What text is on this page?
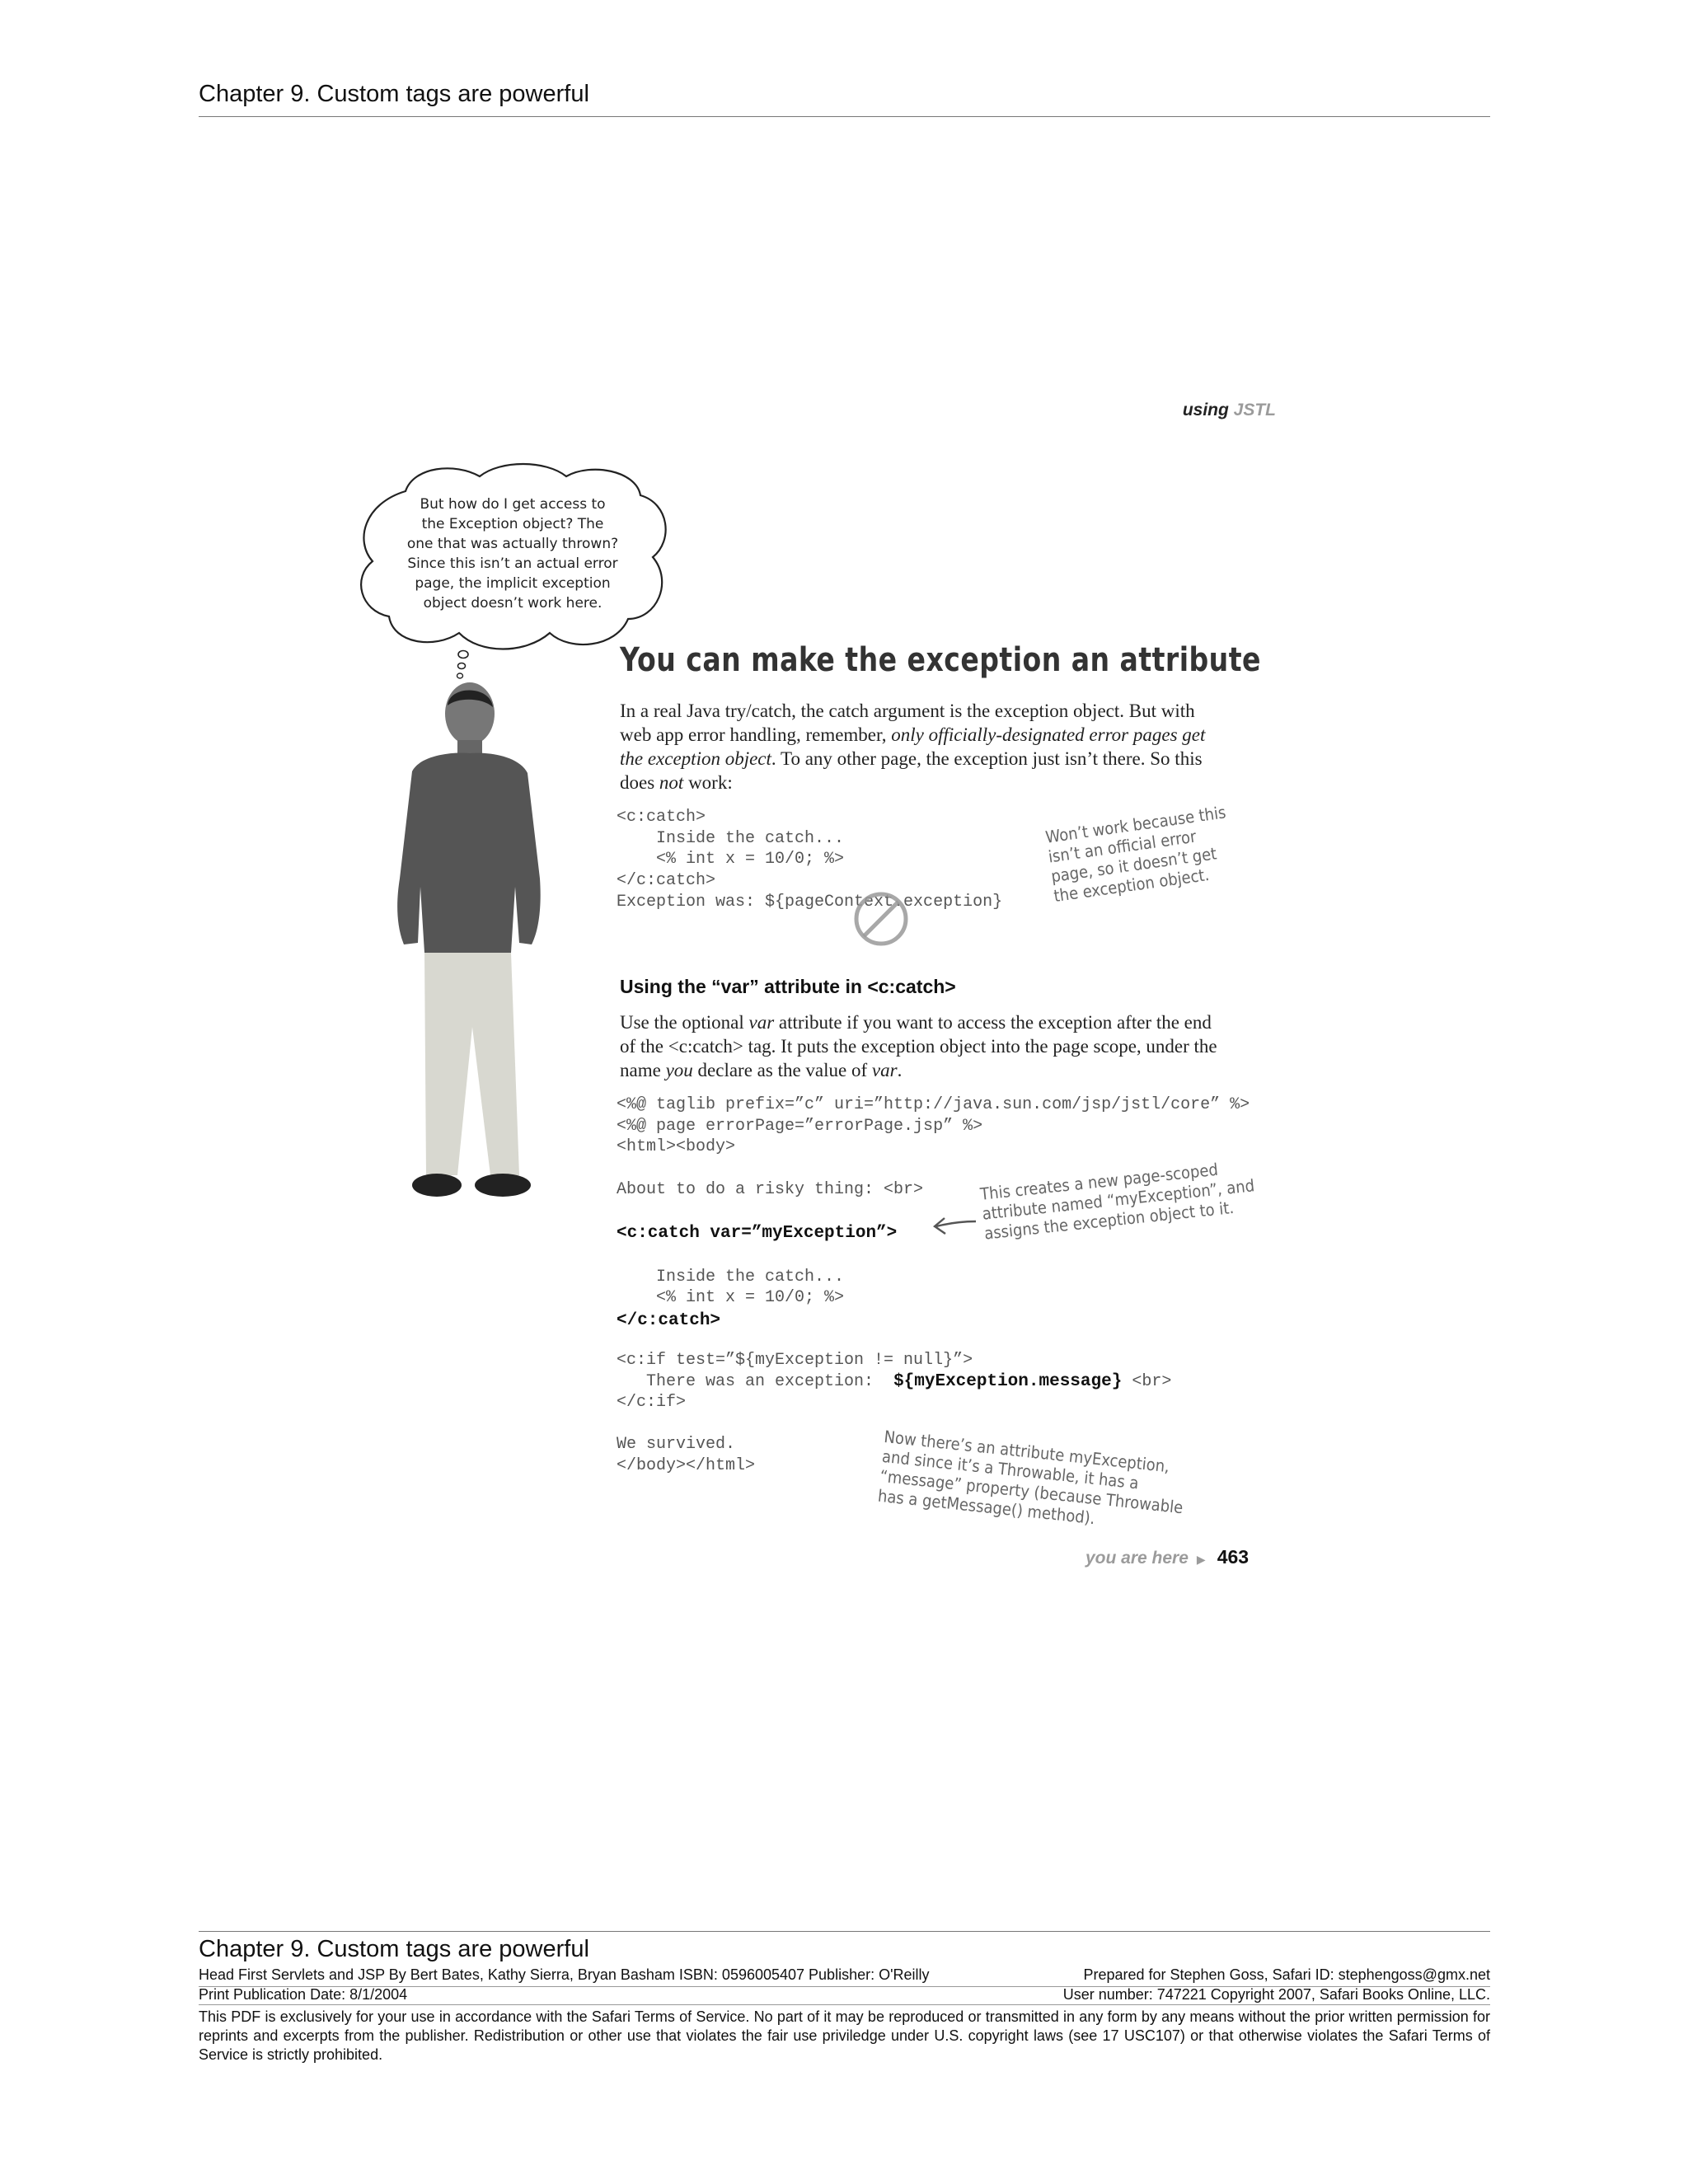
Chapter 9. Custom tags are powerful
using JSTL
But how do I get access to
the Exception object? The
one that was actually thrown?
Since this isn’t an actual error
page, the implicit exception
object doesn’t work here.
You can make the exception an attribute
In a real Java try/catch, the catch argument is the exception object. But with web app error handling, remember, only officially-designated error pages get the exception object. To any other page, the exception just isn’t there. So this does not work:
<c:catch>
Inside the catch...
<% int x = 10/0; %>
</c:catch>
Exception was: ${pageContext.exception}
Won’t work because this
isn’t an official error
page, so it doesn’t get
the exception object.
Using the “var” attribute in <c:catch>
Use the optional var attribute if you want to access the exception after the end of the <c:catch> tag. It puts the exception object into the page scope, under the name you declare as the value of var.
<%@ taglib prefix=”c” uri=”http://java.sun.com/jsp/jstl/core” %>
<%@ page errorPage=”errorPage.jsp” %>
<html><body>
About to do a risky thing: <br>
<c:catch var=”myException”>
Inside the catch...
<% int x = 10/0; %>
</c:catch>
<c:if test=”${myException != null}”>
There was an exception:  ${myException.message} <br>
</c:if>
We survived.
</body></html>
This creates a new page-scoped
attribute named “myException”, and
assigns the exception object to it.
Now there’s an attribute myException,
and since it’s a Throwable, it has a
“message” property (because Throwable
has a getMessage() method).
you are here ▶ 463
Chapter 9. Custom tags are powerful
Head First Servlets and JSP By Bert Bates, Kathy Sierra, Bryan Basham ISBN: 0596005407 Publisher: O'Reilly	Prepared for Stephen Goss, Safari ID: stephengoss@gmx.net
Print Publication Date: 8/1/2004	User number: 747221 Copyright 2007, Safari Books Online, LLC.
This PDF is exclusively for your use in accordance with the Safari Terms of Service. No part of it may be reproduced or transmitted in any form by any means without the prior written permission for reprints and excerpts from the publisher. Redistribution or other use that violates the fair use priviledge under U.S. copyright laws (see 17 USC107) or that otherwise violates the Safari Terms of Service is strictly prohibited.
